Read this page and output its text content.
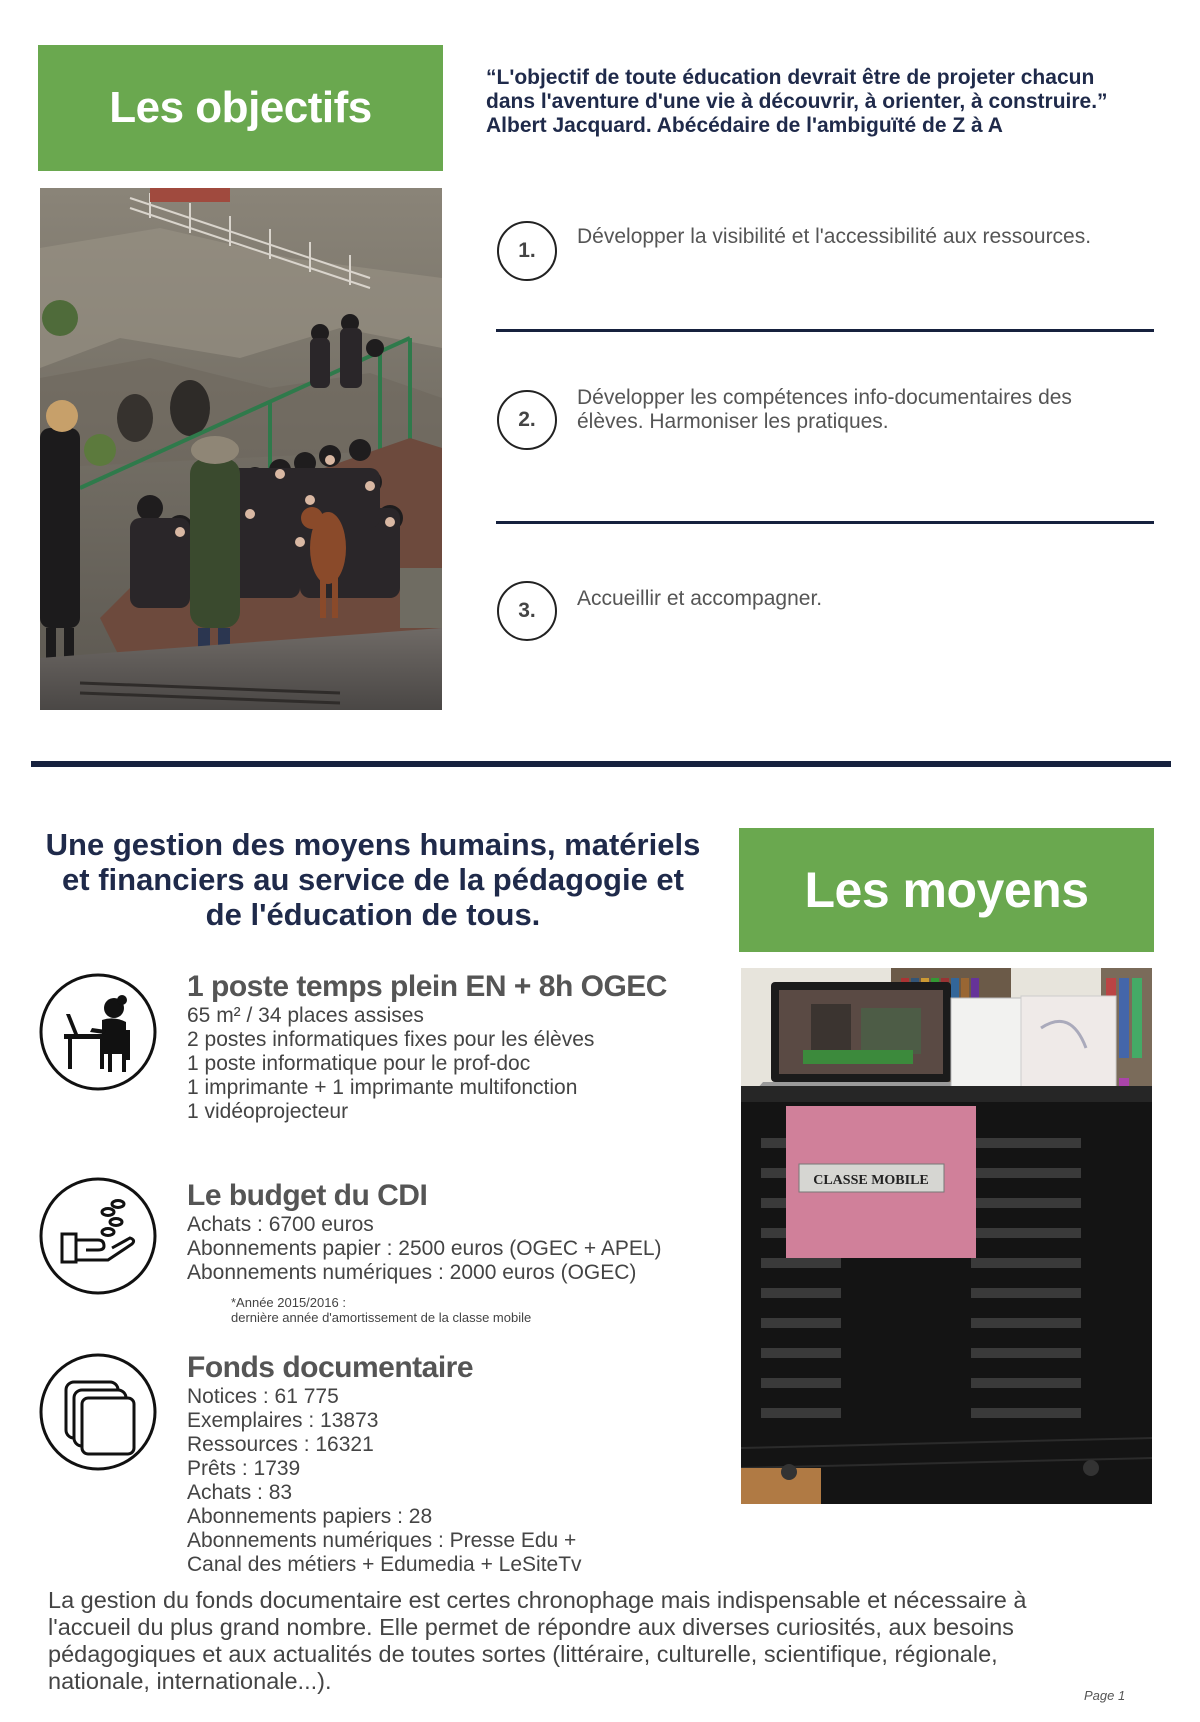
Les objectifs
“L'objectif de toute éducation devrait être de projeter chacun
dans l'aventure d'une vie à découvrir, à orienter, à construire.”
Albert Jacquard. Abécédaire de l'ambiguïté de Z à A
1.
Développer la visibilité et l'accessibilité aux ressources.
2.
Développer les compétences info-documentaires des
élèves. Harmoniser les pratiques.
3.
Accueillir et accompagner.
Une gestion des moyens humains, matériels
et financiers au service de la pédagogie et
de l'éducation de tous.	Les moyens
CLASSE MOBILE
1 poste temps plein EN + 8h OGEC
65 m² / 34 places assises
2 postes informatiques fixes pour les élèves
1 poste informatique pour le prof-doc
1 imprimante + 1 imprimante multifonction
1 vidéoprojecteur
Le budget du CDI
Achats : 6700 euros
Abonnements papier : 2500 euros (OGEC + APEL)
Abonnements numériques : 2000 euros (OGEC)
*Année 2015/2016 :
dernière année d'amortissement de la classe mobile
Fonds documentaire
Notices : 61 775
Exemplaires : 13873
Ressources : 16321
Prêts : 1739
Achats : 83
Abonnements papiers : 28
Abonnements numériques : Presse Edu +
Canal des métiers + Edumedia + LeSiteTv
La gestion du fonds documentaire est certes chronophage mais indispensable et nécessaire à
l'accueil du plus grand nombre. Elle permet de répondre aux diverses curiosités, aux besoins
pédagogiques et aux actualités de toutes sortes (littéraire, culturelle, scientifique, régionale,
nationale, internationale...).
Page 1
